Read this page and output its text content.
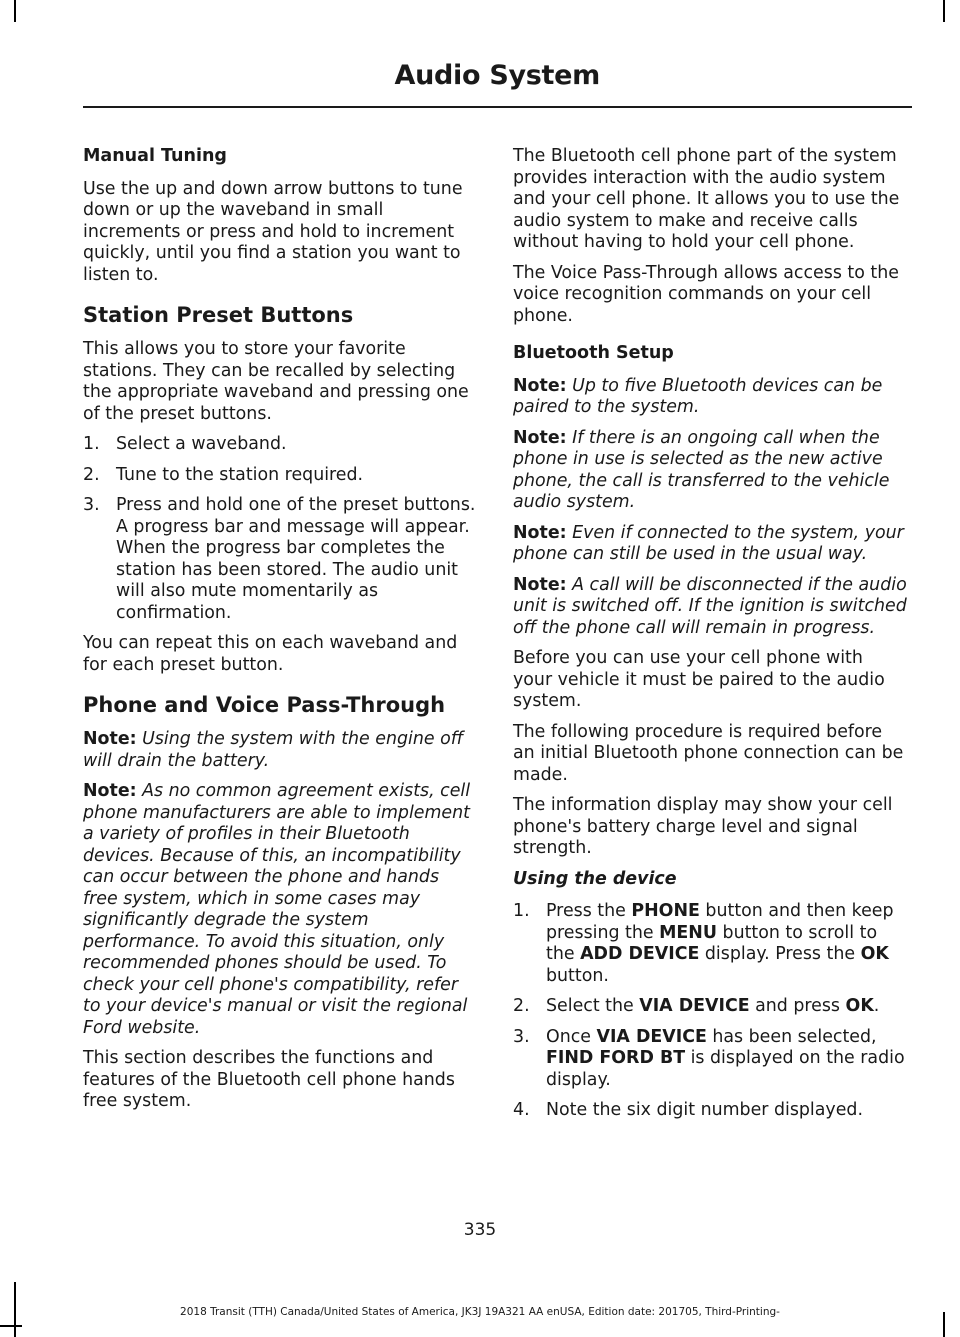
Audio System
Manual Tuning

Use the up and down arrow buttons to tune down or up the waveband in small increments or press and hold to increment quickly, until you find a station you want to listen to.

Station Preset Buttons

This allows you to store your favorite stations. They can be recalled by selecting the appropriate waveband and pressing one of the preset buttons.

1. Select a waveband.
2. Tune to the station required.
3. Press and hold one of the preset buttons. A progress bar and message will appear. When the progress bar completes the station has been stored. The audio unit will also mute momentarily as confirmation.

You can repeat this on each waveband and for each preset button.

Phone and Voice Pass-Through

Note: Using the system with the engine off will drain the battery.

Note: As no common agreement exists, cell phone manufacturers are able to implement a variety of profiles in their Bluetooth devices. Because of this, an incompatibility can occur between the phone and hands free system, which in some cases may significantly degrade the system performance. To avoid this situation, only recommended phones should be used. To check your cell phone's compatibility, refer to your device's manual or visit the regional Ford website.

This section describes the functions and features of the Bluetooth cell phone hands free system.

The Bluetooth cell phone part of the system provides interaction with the audio system and your cell phone. It allows you to use the audio system to make and receive calls without having to hold your cell phone.

The Voice Pass-Through allows access to the voice recognition commands on your cell phone.

Bluetooth Setup

Note: Up to five Bluetooth devices can be paired to the system.

Note: If there is an ongoing call when the phone in use is selected as the new active phone, the call is transferred to the vehicle audio system.

Note: Even if connected to the system, your phone can still be used in the usual way.

Note: A call will be disconnected if the audio unit is switched off. If the ignition is switched off the phone call will remain in progress.

Before you can use your cell phone with your vehicle it must be paired to the audio system.

The following procedure is required before an initial Bluetooth phone connection can be made.

The information display may show your cell phone's battery charge level and signal strength.

Using the device
1. Press the PHONE button and then keep pressing the MENU button to scroll to the ADD DEVICE display. Press the OK button.
2. Select the VIA DEVICE and press OK.
3. Once VIA DEVICE has been selected, FIND FORD BT is displayed on the radio display.
4. Note the six digit number displayed.
335
2018 Transit (TTH) Canada/United States of America, JK3J 19A321 AA enUSA, Edition date: 201705, Third-Printing-
